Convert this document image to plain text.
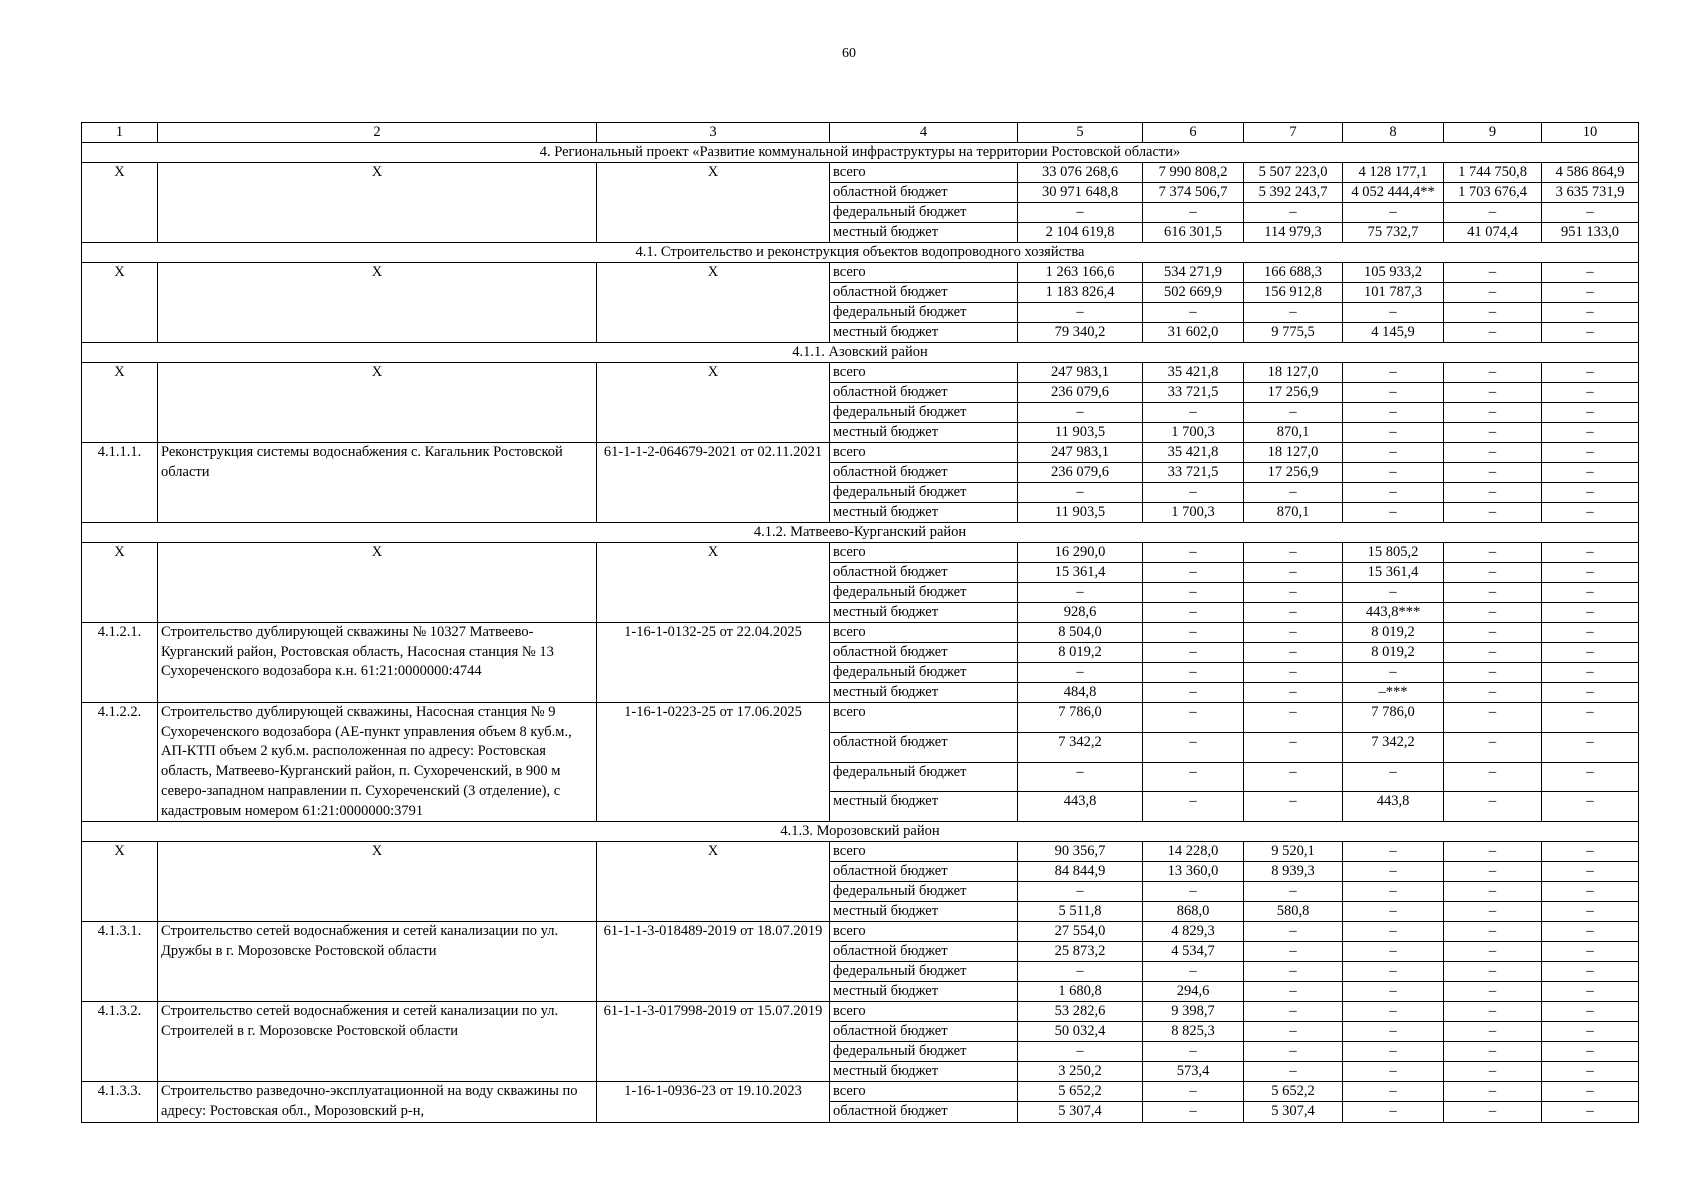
60
1	2	3	4	5	6	7	8	9	10
4. Региональный проект «Развитие коммунальной инфраструктуры на территории Ростовской области»									
Х	Х	Х	всего	33 076 268,6	7 990 808,2	5 507 223,0	4 128 177,1	1 744 750,8	4 586 864,9
			областной бюджет	30 971 648,8	7 374 506,7	5 392 243,7	4 052 444,4**	1 703 676,4	3 635 731,9
			федеральный бюджет	–	–	–	–	–	–
			местный бюджет	2 104 619,8	616 301,5	114 979,3	75 732,7	41 074,4	951 133,0
4.1. Строительство и реконструкция объектов водопроводного хозяйства									
Х	Х	Х	всего	1 263 166,6	534 271,9	166 688,3	105 933,2	–	–
			областной бюджет	1 183 826,4	502 669,9	156 912,8	101 787,3	–	–
			федеральный бюджет	–	–	–	–	–	–
			местный бюджет	79 340,2	31 602,0	9 775,5	4 145,9	–	–
4.1.1. Азовский район									
Х	Х	Х	всего	247 983,1	35 421,8	18 127,0	–	–	–
			областной бюджет	236 079,6	33 721,5	17 256,9	–	–	–
			федеральный бюджет	–	–	–	–	–	–
			местный бюджет	11 903,5	1 700,3	870,1	–	–	–
4.1.1.1.	Реконструкция системы водоснабжения с. Кагальник Ростовской области	61-1-1-2-064679-2021 от 02.11.2021	всего	247 983,1	35 421,8	18 127,0	–	–	–
			областной бюджет	236 079,6	33 721,5	17 256,9	–	–	–
			федеральный бюджет	–	–	–	–	–	–
			местный бюджет	11 903,5	1 700,3	870,1	–	–	–
4.1.2. Матвеево-Курганский район									
Х	Х	Х	всего	16 290,0	–	–	15 805,2	–	–
			областной бюджет	15 361,4	–	–	15 361,4	–	–
			федеральный бюджет	–	–	–	–	–	–
			местный бюджет	928,6	–	–	443,8***	–	–
4.1.2.1.	Строительство дублирующей скважины № 10327 Матвеево-Курганский район, Ростовская область, Насосная станция № 13 Сухореченского водозабора к.н. 61:21:0000000:4744	1-16-1-0132-25 от 22.04.2025	всего	8 504,0	–	–	8 019,2	–	–
			областной бюджет	8 019,2	–	–	8 019,2	–	–
			федеральный бюджет	–	–	–	–	–	–
			местный бюджет	484,8	–	–	–***	–	–
4.1.2.2.	Строительство дублирующей скважины, Насосная станция № 9 Сухореченского водозабора (АЕ-пункт управления объем 8 куб.м., АП-КТП объем 2 куб.м. расположенная по адресу: Ростовская область, Матвеево-Курганский район, п. Сухореченский, в 900 м северо-западном направлении п. Сухореченский (3 отделение), с кадастровым номером 61:21:0000000:3791	1-16-1-0223-25 от 17.06.2025	всего	7 786,0	–	–	7 786,0	–	–
			областной бюджет	7 342,2	–	–	7 342,2	–	–
			федеральный бюджет	–	–	–	–	–	–
			местный бюджет	443,8	–	–	443,8	–	–
4.1.3. Морозовский район									
Х	Х	Х	всего	90 356,7	14 228,0	9 520,1	–	–	–
			областной бюджет	84 844,9	13 360,0	8 939,3	–	–	–
			федеральный бюджет	–	–	–	–	–	–
			местный бюджет	5 511,8	868,0	580,8	–	–	–
4.1.3.1.	Строительство сетей водоснабжения и сетей канализации по ул. Дружбы в г. Морозовске Ростовской области	61-1-1-3-018489-2019 от 18.07.2019	всего	27 554,0	4 829,3	–	–	–	–
			областной бюджет	25 873,2	4 534,7	–	–	–	–
			федеральный бюджет	–	–	–	–	–	–
			местный бюджет	1 680,8	294,6	–	–	–	–
4.1.3.2.	Строительство сетей водоснабжения и сетей канализации по ул. Строителей в г. Морозовске Ростовской области	61-1-1-3-017998-2019 от 15.07.2019	всего	53 282,6	9 398,7	–	–	–	–
			областной бюджет	50 032,4	8 825,3	–	–	–	–
			федеральный бюджет	–	–	–	–	–	–
			местный бюджет	3 250,2	573,4	–	–	–	–
4.1.3.3.	Строительство разведочно-эксплуатационной на воду скважины по адресу: Ростовская обл., Морозовский р-н,	1-16-1-0936-23 от 19.10.2023	всего	5 652,2	–	5 652,2	–	–	–
			областной бюджет	5 307,4	–	5 307,4	–	–	–
